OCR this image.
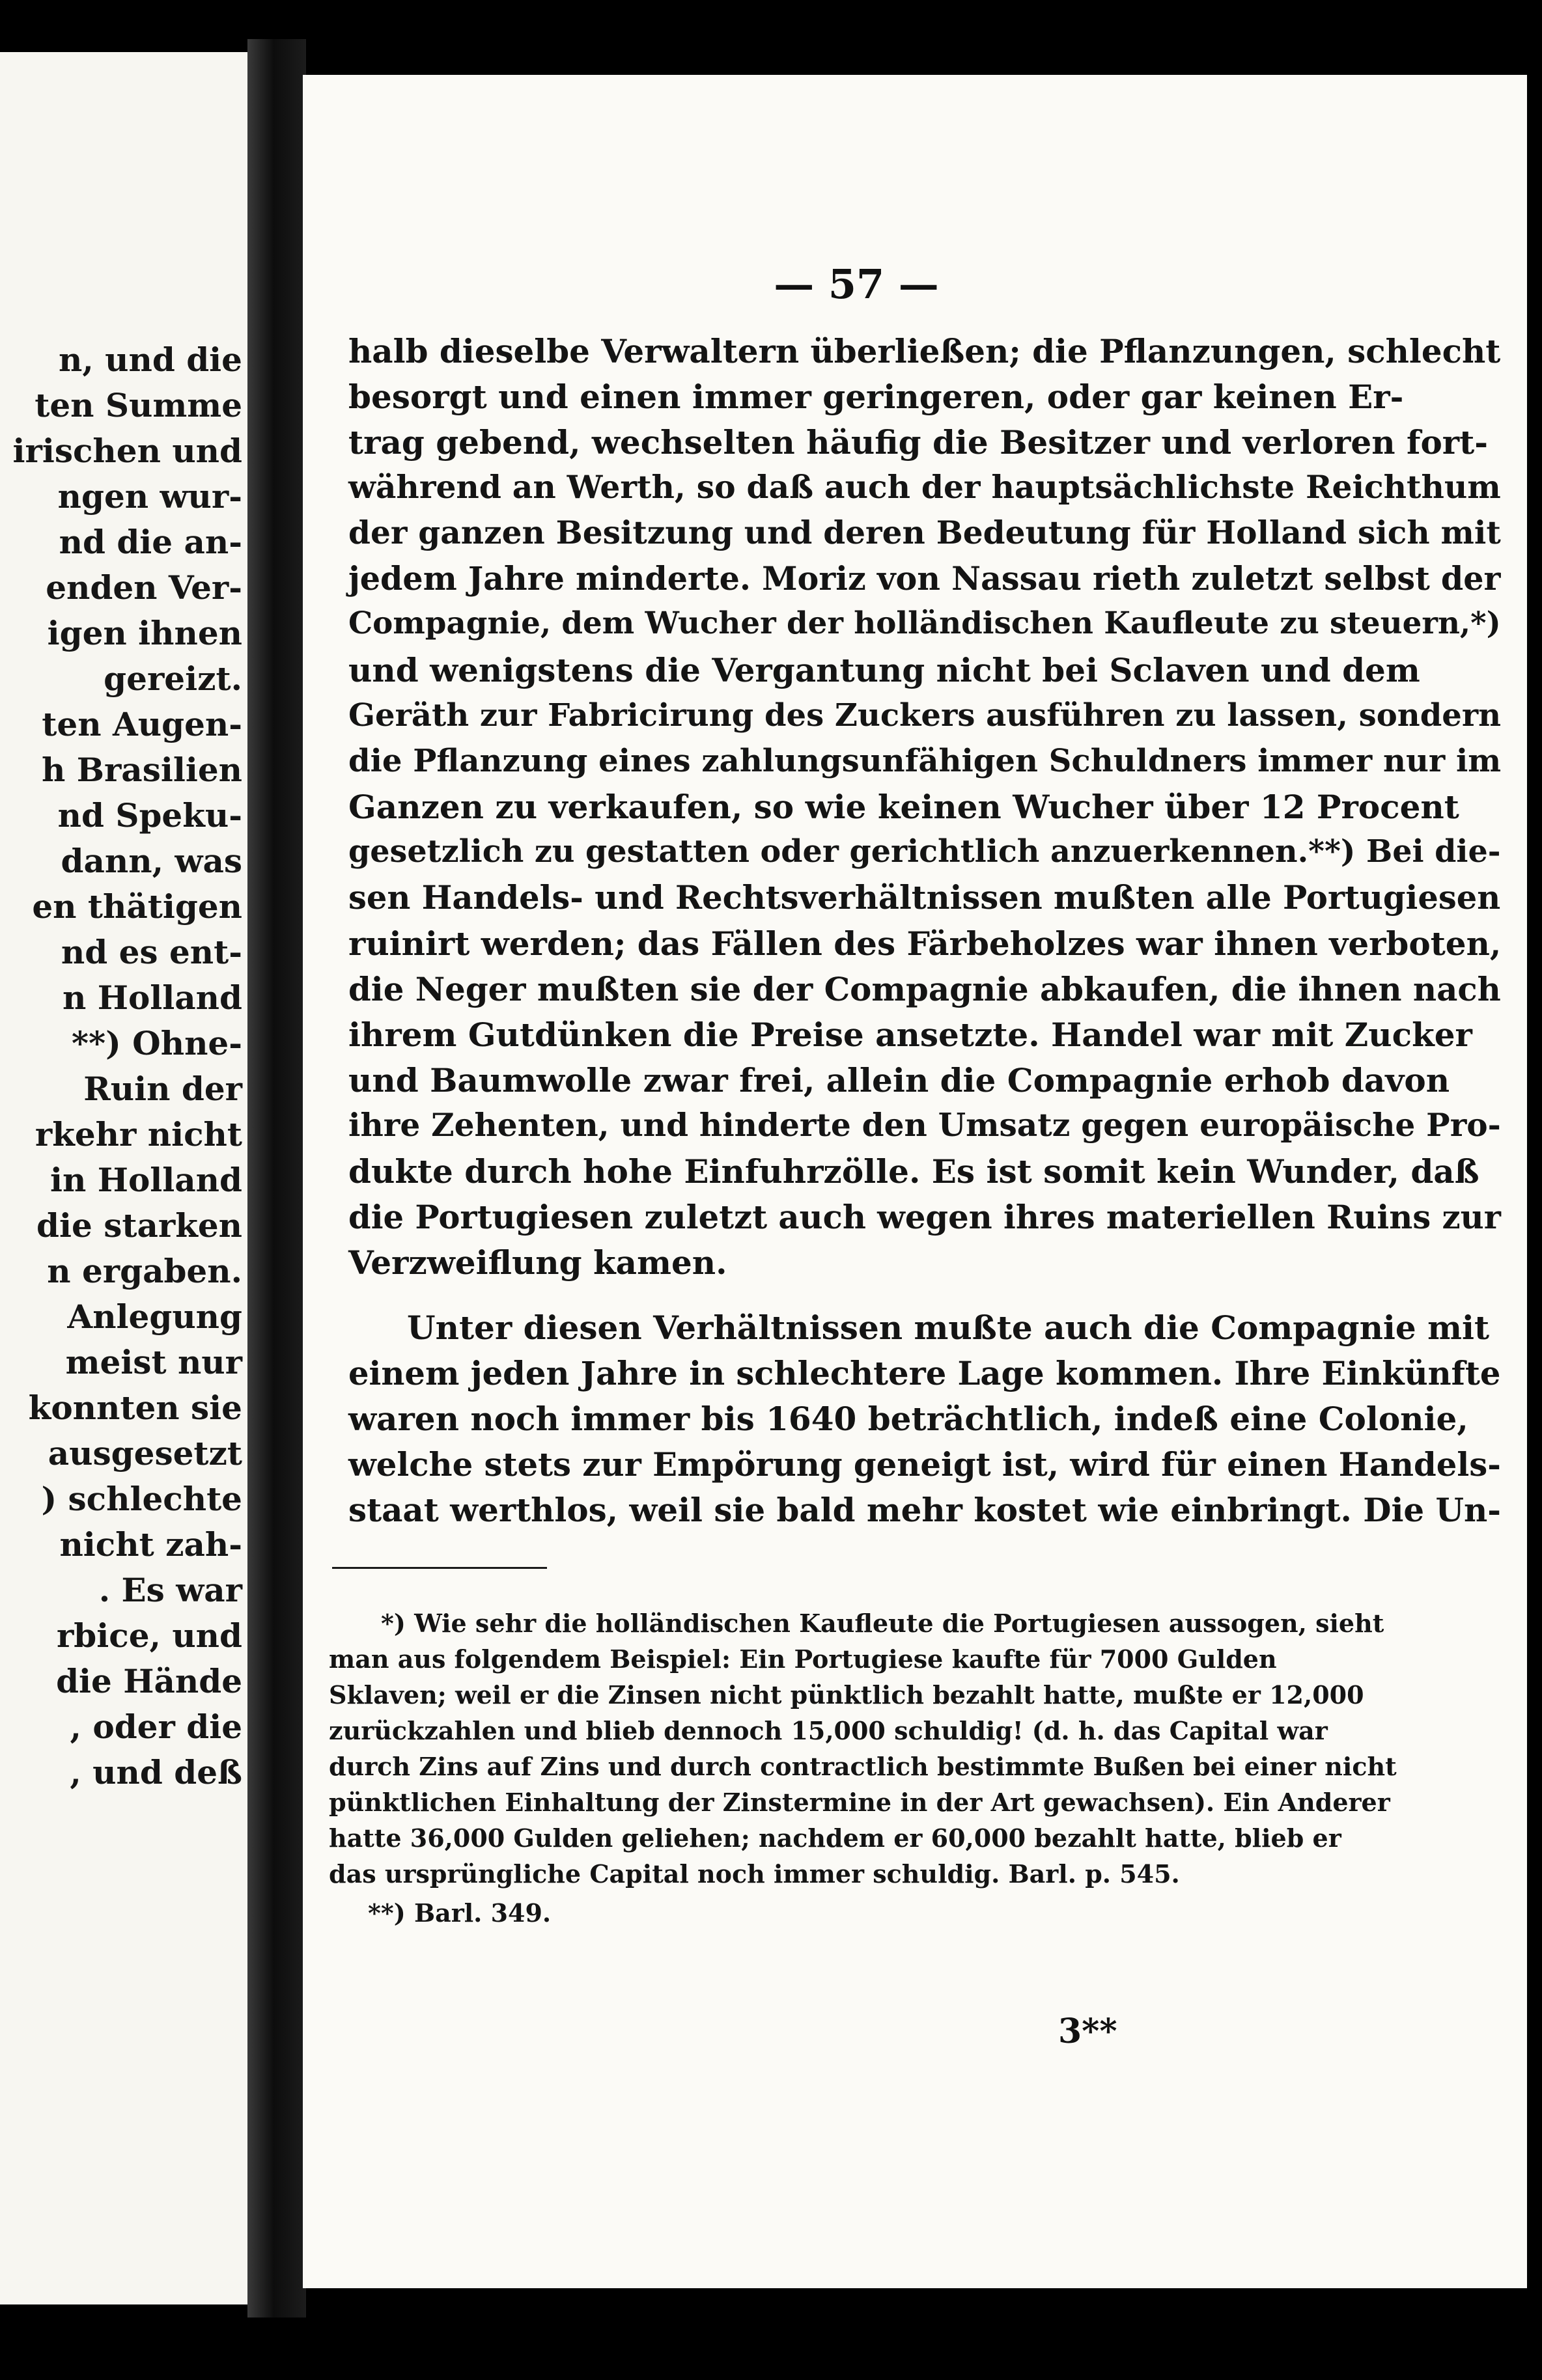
n, und die
ten Summe
irischen und
ngen wur-
nd die an-
enden Ver-
igen ihnen
gereizt.
ten Augen-
h Brasilien
nd Speku-
dann, was
en thätigen
nd es ent-
n Holland
**) Ohne-
Ruin der
rkehr nicht
in Holland
die starken
n ergaben.
Anlegung
meist nur
konnten sie
ausgesetzt
) schlechte
nicht zah-
. Es war
rbice, und
die Hände
, oder die
, und deß
— 57 —
halb dieselbe Verwaltern überließen; die Pflanzungen, schlecht
besorgt und einen immer geringeren, oder gar keinen Er-
trag gebend, wechselten häufig die Besitzer und verloren fort-
während an Werth, so daß auch der hauptsächlichste Reichthum
der ganzen Besitzung und deren Bedeutung für Holland sich mit
jedem Jahre minderte. Moriz von Nassau rieth zuletzt selbst der
Compagnie, dem Wucher der holländischen Kaufleute zu steuern,*)
und wenigstens die Vergantung nicht bei Sclaven und dem
Geräth zur Fabricirung des Zuckers ausführen zu lassen, sondern
die Pflanzung eines zahlungsunfähigen Schuldners immer nur im
Ganzen zu verkaufen, so wie keinen Wucher über 12 Procent
gesetzlich zu gestatten oder gerichtlich anzuerkennen.**) Bei die-
sen Handels- und Rechtsverhältnissen mußten alle Portugiesen
ruinirt werden; das Fällen des Färbeholzes war ihnen verboten,
die Neger mußten sie der Compagnie abkaufen, die ihnen nach
ihrem Gutdünken die Preise ansetzte. Handel war mit Zucker
und Baumwolle zwar frei, allein die Compagnie erhob davon
ihre Zehenten, und hinderte den Umsatz gegen europäische Pro-
dukte durch hohe Einfuhrzölle. Es ist somit kein Wunder, daß
die Portugiesen zuletzt auch wegen ihres materiellen Ruins zur
Verzweiflung kamen.
Unter diesen Verhältnissen mußte auch die Compagnie mit
einem jeden Jahre in schlechtere Lage kommen. Ihre Einkünfte
waren noch immer bis 1640 beträchtlich, indeß eine Colonie,
welche stets zur Empörung geneigt ist, wird für einen Handels-
staat werthlos, weil sie bald mehr kostet wie einbringt. Die Un-
*) Wie sehr die holländischen Kaufleute die Portugiesen aussogen, sieht
man aus folgendem Beispiel: Ein Portugiese kaufte für 7000 Gulden
Sklaven; weil er die Zinsen nicht pünktlich bezahlt hatte, mußte er 12,000
zurückzahlen und blieb dennoch 15,000 schuldig! (d. h. das Capital war
durch Zins auf Zins und durch contractlich bestimmte Bußen bei einer nicht
pünktlichen Einhaltung der Zinstermine in der Art gewachsen). Ein Anderer
hatte 36,000 Gulden geliehen; nachdem er 60,000 bezahlt hatte, blieb er
das ursprüngliche Capital noch immer schuldig. Barl. p. 545.
**) Barl. 349.
3**
